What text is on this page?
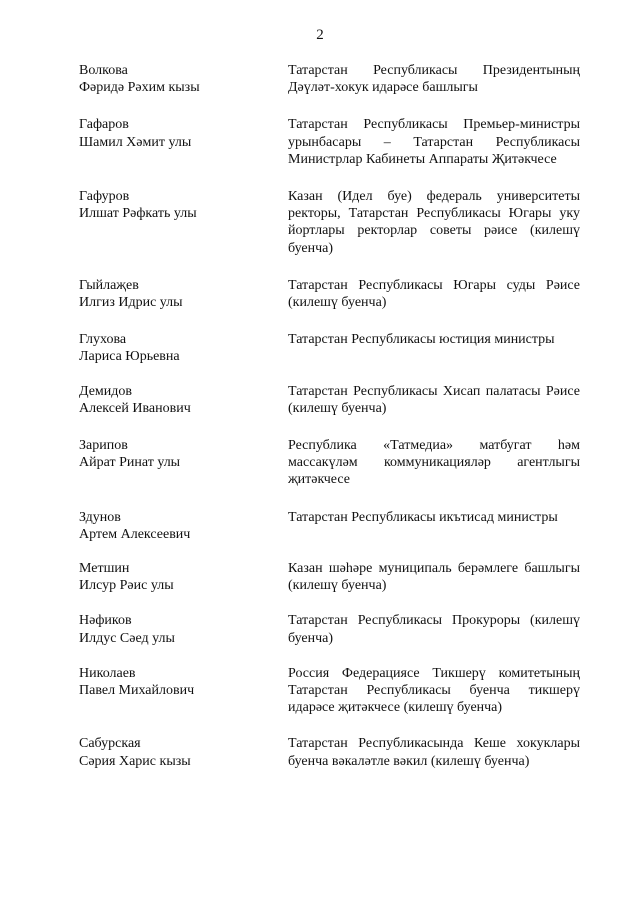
2
Волкова
Фәридә Рәхим кызы
Татарстан Республикасы Президентының Дәүләт-хокук идарәсе башлыгы
Гафаров
Шамил Хәмит улы
Татарстан Республикасы Премьер-министры урынбасары – Татарстан Республикасы Министрлар Кабинеты Аппараты Җитәкчесе
Гафуров
Илшат Рәфкать улы
Казан (Идел буе) федераль университеты ректоры, Татарстан Республикасы Югары уку йортлары ректорлар советы рәисе (килешү буенча)
Гыйлаҗев
Илгиз Идрис улы
Татарстан Республикасы Югары суды Рәисе (килешү буенча)
Глухова
Лариса Юрьевна
Татарстан Республикасы юстиция министры
Демидов
Алексей Иванович
Татарстан Республикасы Хисап палатасы Рәисе (килешү буенча)
Зарипов
Айрат Ринат улы
Республика «Татмедиа» матбугат һәм массакүләм коммуникацияләр агентлыгы җитәкчесе
Здунов
Артем Алексеевич
Татарстан Республикасы икътисад министры
Метшин
Илсур Рәис улы
Казан шәһәре муниципаль берәмлеге башлыгы (килешү буенча)
Нәфиков
Илдус Сәед улы
Татарстан Республикасы Прокуроры (килешү буенча)
Николаев
Павел Михайлович
Россия Федерациясе Тикшерү комитетының Татарстан Республикасы буенча тикшерү идарәсе җитәкчесе (килешү буенча)
Сабурская
Сәрия Харис кызы
Татарстан Республикасында Кеше хокуклары буенча вәкаләтле вәкил (килешү буенча)
